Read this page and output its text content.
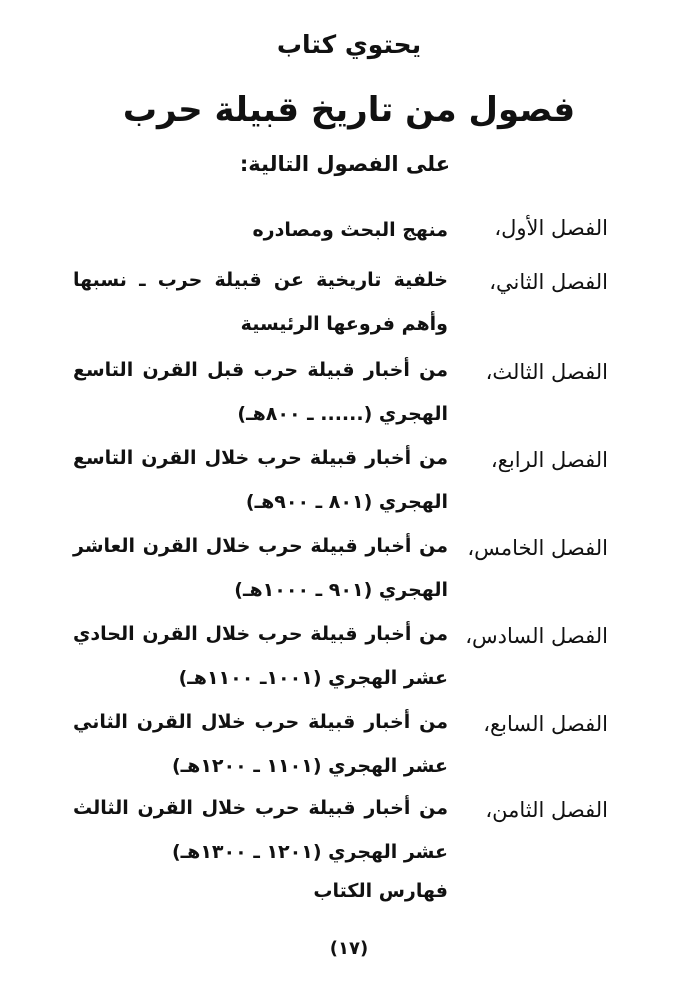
يحتوي كتاب
فصول من تاريخ قبيلة حرب
على الفصول التالية:
الفصل الأول،
منهج البحث ومصادره
الفصل الثاني،
خلفية تاريخية عن قبيلة حرب ـ نسبها وأهم فروعها الرئيسية
الفصل الثالث،
من أخبار قبيلة حرب قبل القرن التاسع الهجري (...... ـ ٨٠٠هـ)
الفصل الرابع،
من أخبار قبيلة حرب خلال القرن التاسع الهجري (٨٠١ ـ ٩٠٠هـ)
الفصل الخامس،
من أخبار قبيلة حرب خلال القرن العاشر الهجري (٩٠١ ـ ١٠٠٠هـ)
الفصل السادس،
من أخبار قبيلة حرب خلال القرن الحادي عشر الهجري (١٠٠١ـ ١١٠٠هـ)
الفصل السابع،
من أخبار قبيلة حرب خلال القرن الثاني عشر الهجري (١١٠١ ـ ١٢٠٠هـ)
الفصل الثامن،
من أخبار قبيلة حرب خلال القرن الثالث عشر الهجري (١٢٠١ ـ ١٣٠٠هـ)
فهارس الكتاب
(١٧)
